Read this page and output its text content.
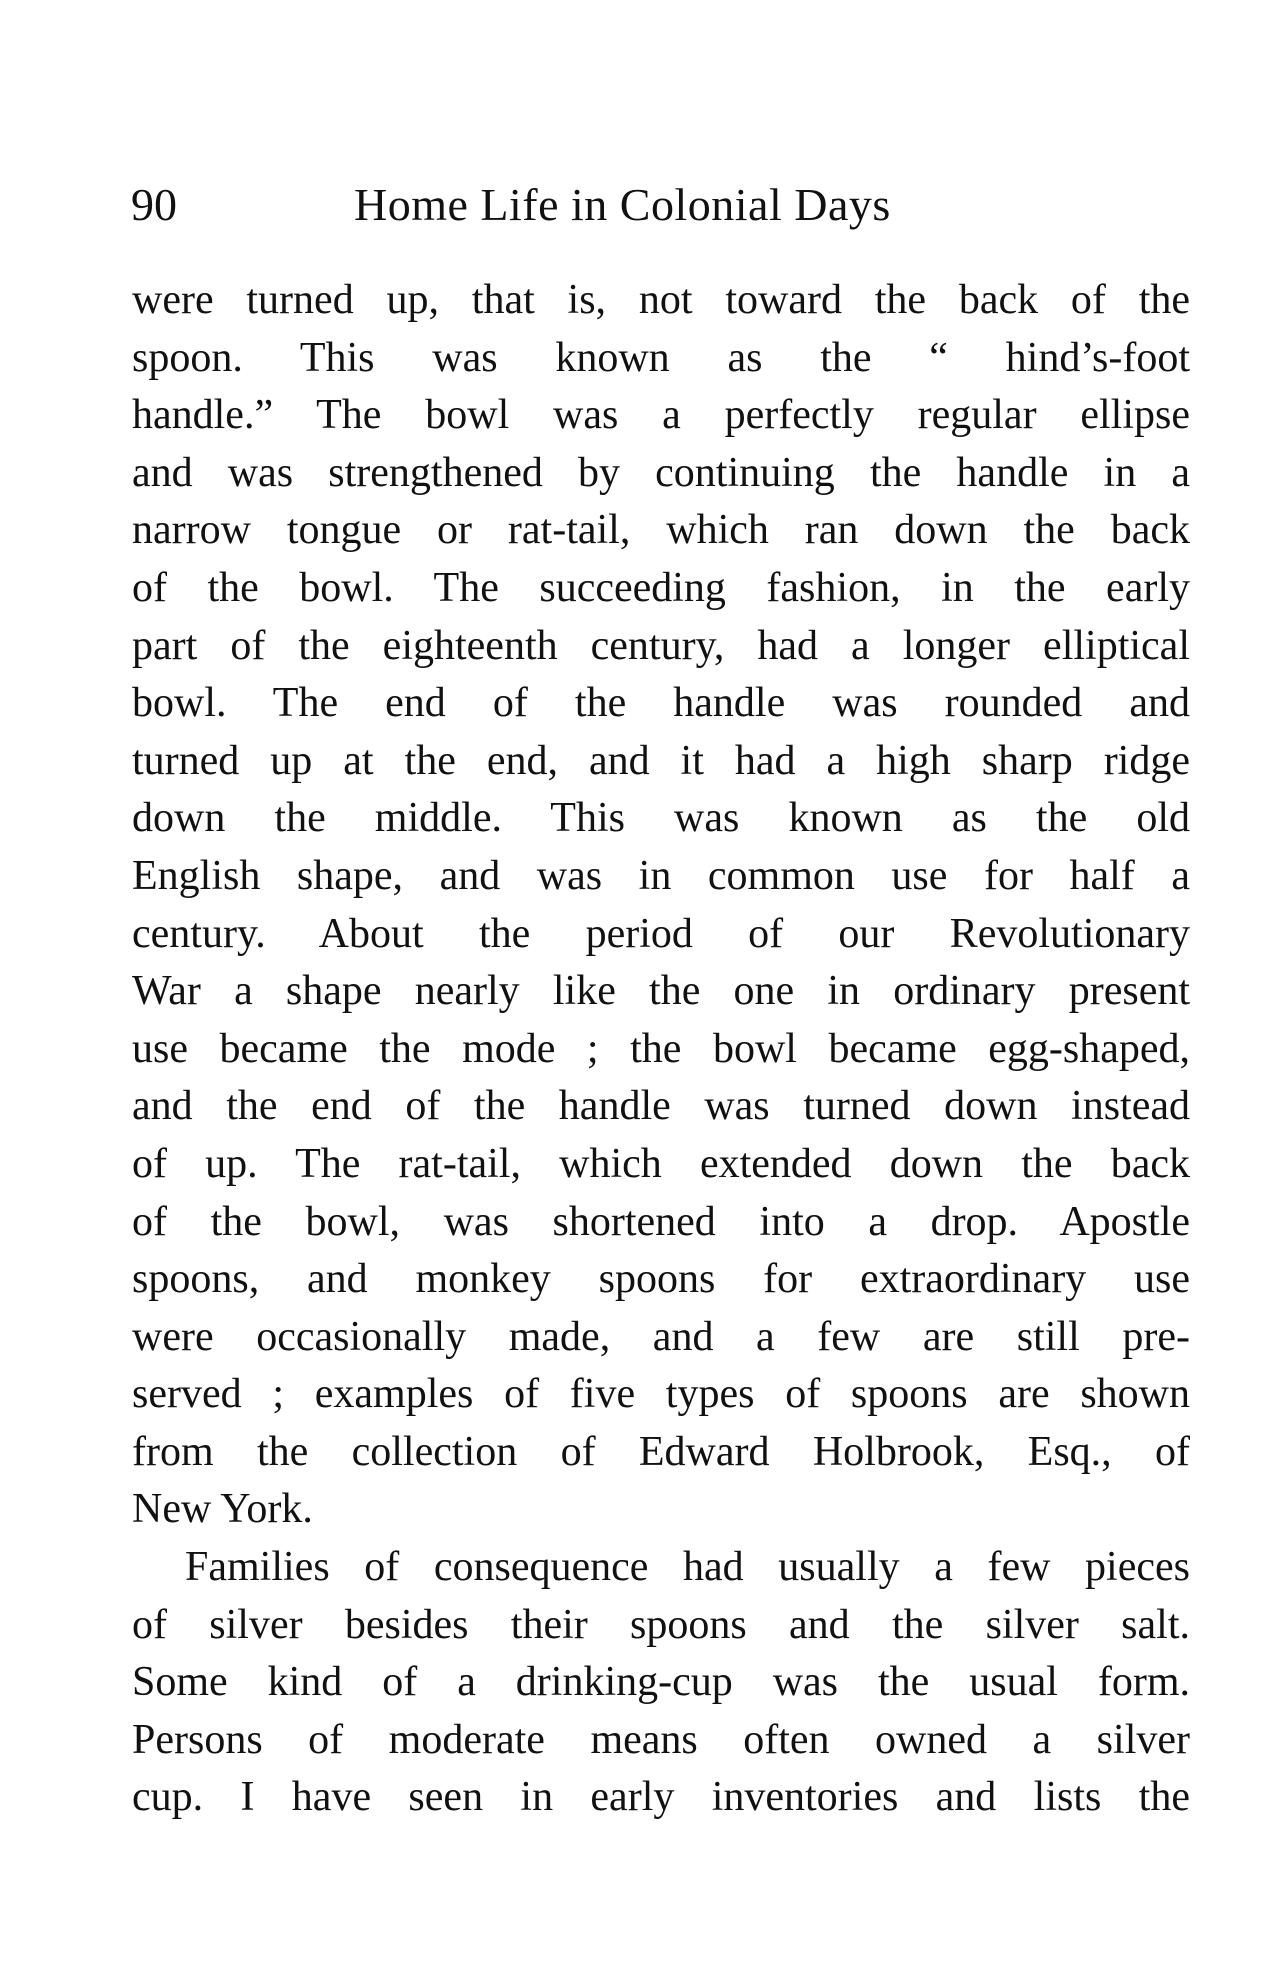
90	Home Life in Colonial Days
were turned up, that is, not toward the back of the
spoon. This was known as the “ hind’s-foot
handle.” The bowl was a perfectly regular ellipse
and was strengthened by continuing the handle in a
narrow tongue or rat-tail, which ran down the back
of the bowl. The succeeding fashion, in the early
part of the eighteenth century, had a longer elliptical
bowl. The end of the handle was rounded and
turned up at the end, and it had a high sharp ridge
down the middle. This was known as the old
English shape, and was in common use for half a
century. About the period of our Revolutionary
War a shape nearly like the one in ordinary present
use became the mode ; the bowl became egg-shaped,
and the end of the handle was turned down instead
of up. The rat-tail, which extended down the back
of the bowl, was shortened into a drop. Apostle
spoons, and monkey spoons for extraordinary use
were occasionally made, and a few are still pre-
served ; examples of five types of spoons are shown
from the collection of Edward Holbrook, Esq., of
New York.
Families of consequence had usually a few pieces
of silver besides their spoons and the silver salt.
Some kind of a drinking-cup was the usual form.
Persons of moderate means often owned a silver
cup. I have seen in early inventories and lists the
